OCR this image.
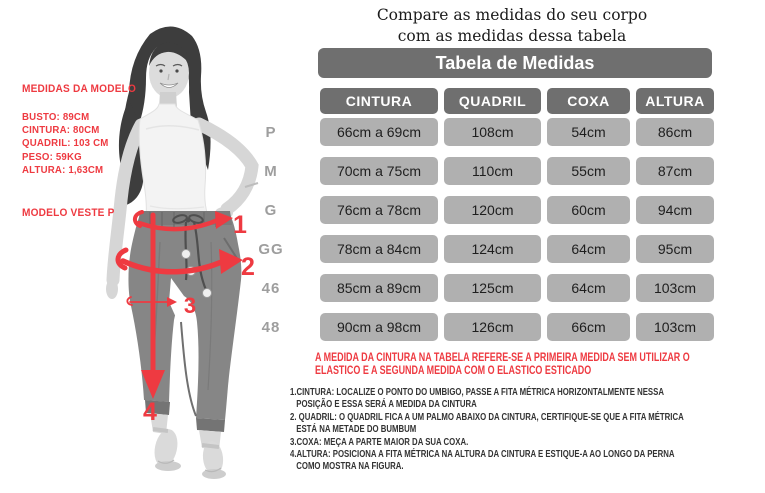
1
2
3
4
Compare as medidas do seu corpo
com as medidas dessa tabela
MEDIDAS DA MODELO
BUSTO: 89CM
CINTURA: 80CM
QUADRIL: 103 CM
PESO: 59KG
ALTURA: 1,63CM
MODELO VESTE P
Tabela de Medidas
CINTURA	QUADRIL	COXA	ALTURA
P	66cm a 69cm	108cm	54cm	86cm
M	70cm a 75cm	110cm	55cm	87cm
G	76cm a 78cm	120cm	60cm	94cm
GG	78cm a 84cm	124cm	64cm	95cm
46	85cm a 89cm	125cm	64cm	103cm
48	90cm a 98cm	126cm	66cm	103cm
A MEDIDA DA CINTURA NA TABELA REFERE-SE A PRIMEIRA MEDIDA SEM UTILIZAR O
ELASTICO E A SEGUNDA MEDIDA COM O ELASTICO ESTICADO
1.CINTURA: LOCALIZE O PONTO DO UMBIGO, PASSE A FITA MÉTRICA HORIZONTALMENTE NESSA
POSIÇÃO E ESSA SERÁ A MEDIDA DA CINTURA
2. QUADRIL: O QUADRIL FICA A UM PALMO ABAIXO DA CINTURA, CERTIFIQUE-SE QUE A FITA MÉTRICA
ESTÁ NA METADE DO BUMBUM
3.COXA: MEÇA A PARTE MAIOR DA SUA COXA.
4.ALTURA: POSICIONA A FITA MÉTRICA NA ALTURA DA CINTURA E ESTIQUE-A AO LONGO DA PERNA
COMO MOSTRA NA FIGURA.
